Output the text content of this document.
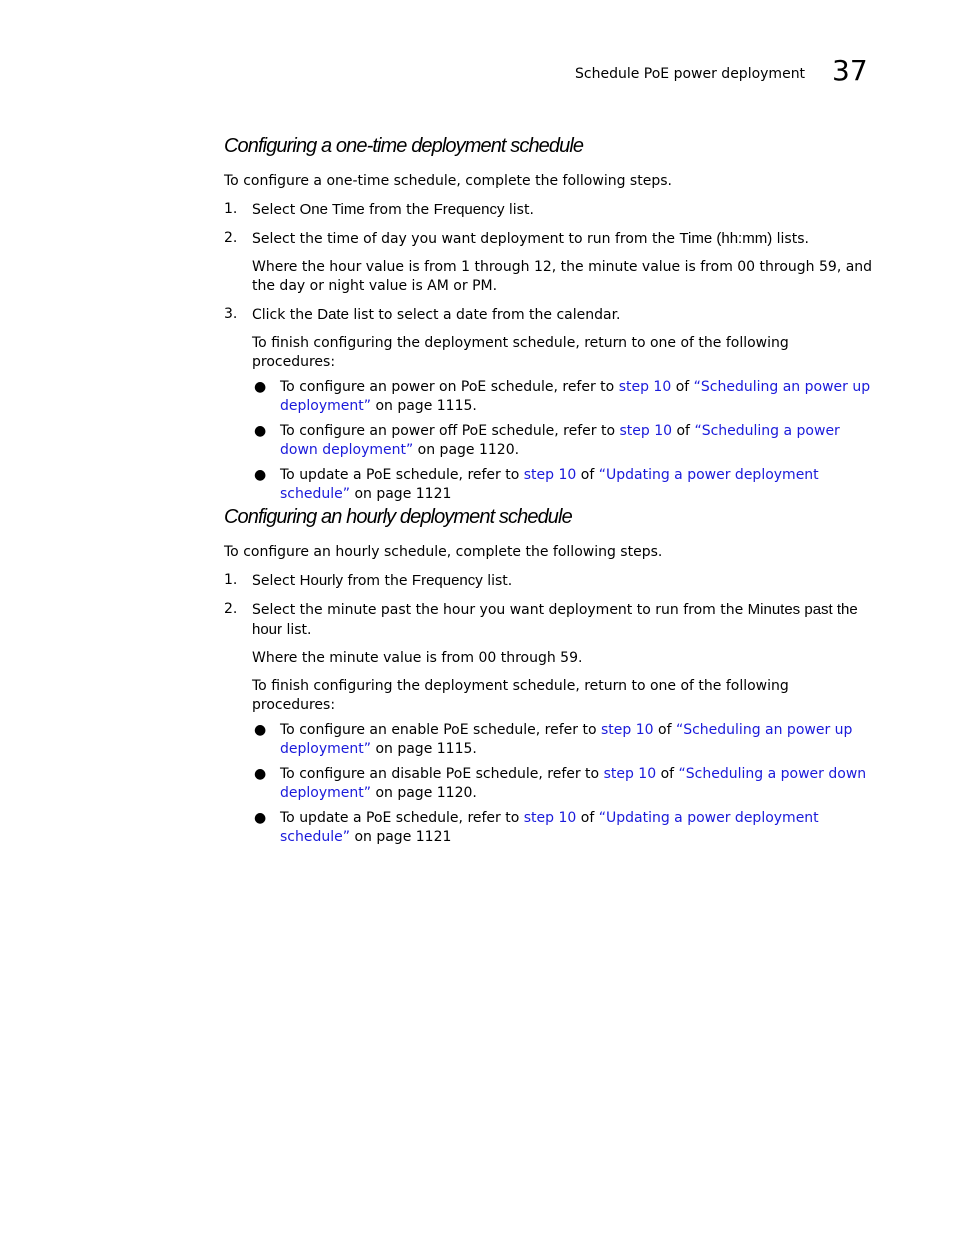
Schedule PoE power deployment 37
Configuring a one-time deployment schedule

To configure a one-time schedule, complete the following steps.

1. Select One Time from the Frequency list.
2. Select the time of day you want deployment to run from the Time (hh:mm) lists.

Where the hour value is from 1 through 12, the minute value is from 00 through 59, and the day or night value is AM or PM.

3. Click the Date list to select a date from the calendar.

To finish configuring the deployment schedule, return to one of the following procedures:

● To configure an power on PoE schedule, refer to step 10 of “Scheduling an power up deployment” on page 1115.
● To configure an power off PoE schedule, refer to step 10 of “Scheduling a power down deployment” on page 1120.
● To update a PoE schedule, refer to step 10 of “Updating a power deployment schedule” on page 1121
Configuring an hourly deployment schedule

To configure an hourly schedule, complete the following steps.

1. Select Hourly from the Frequency list.
2. Select the minute past the hour you want deployment to run from the Minutes past the hour list.

Where the minute value is from 00 through 59.

To finish configuring the deployment schedule, return to one of the following procedures:

● To configure an enable PoE schedule, refer to step 10 of “Scheduling an power up deployment” on page 1115.
● To configure an disable PoE schedule, refer to step 10 of “Scheduling a power down deployment” on page 1120.
● To update a PoE schedule, refer to step 10 of “Updating a power deployment schedule” on page 1121
